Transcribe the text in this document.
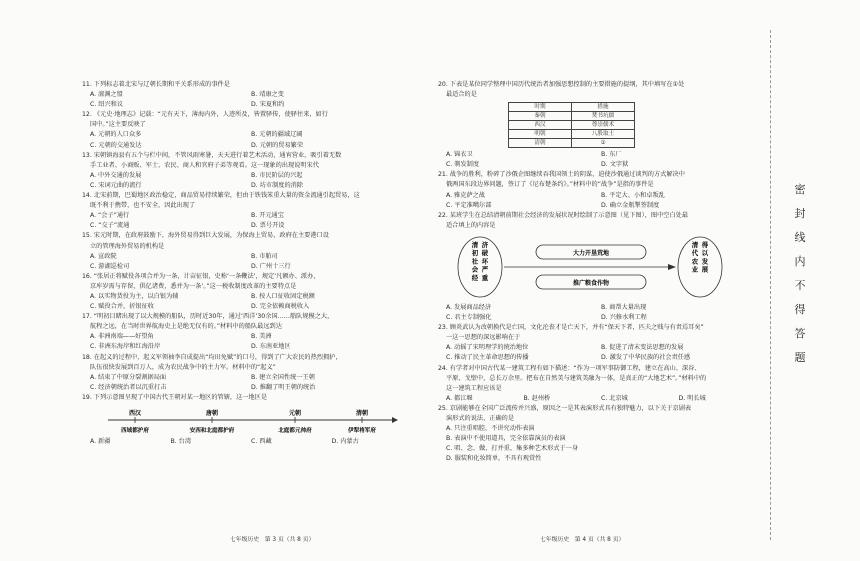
11. 下列标志着北宋与辽朝长期和平关系形成的事件是
A. 澶渊之盟	B. 靖康之变
C. 绍兴和议	D. 宋夏和约
12. 《元史·地理志》记载：“元有天下，薄海内外，人迹所及，皆置驿传，使驿往来，如行
国中。”这主要反映了
A. 元朝的人口众多	B. 元朝的疆域辽阔
C. 元朝的交通发达	D. 元朝的贸易繁荣
13. 宋朝镇海县有五个与栏中间，不管风雨寒暑，天天进行着艺术活动，通宵营业，吸引着无数
手工业者、小商贩、军士、农民、商人和官府子弟等观看。这一现象的出现说明宋代
A. 中外交通的发展	B. 市民阶层的兴起
C. 宋词元曲的流行	D. 坊市制度的消除
14. 北宋前期，巴蜀地区政治稳定，商品贸易持续繁荣，但由于铁钱笨重大量的资金流通引起贸易，这
既不利于携带，也不安全，因此出现了
A. “会子”通行	B. 开元通宝
C. “交子”流通	D. 票号开设
15. 宋元时期，在政府鼓励下，海外贸易得到巨大发展，为保海上贸易，政府在主要港口设
立的管理海外贸易的机构是
A. 宣政院	B. 市舶司
C. 游湖巡检司	D. 广州十三行
16. “张居正将赋役各项合并为一条，计亩征银，史称‘一条鞭法’，规定‘凡额办、派办、
京库岁需与存留，供亿诸费，悉并为一条’。”这一税收制度改革的主要特点是
A. 以实物货役为主，以白银为辅	B. 按人口征收固定税额
C. 赋役合并，折银征收	D. 完全依赖商税收入
17. “明初目睹出现了以大规模的船队，历时近30年，通过‘西洋’30余国……船队规模之大，
航程之远，在当时世界航海史上是绝无仅有的。”材料中的船队最远到达
A. 非洲南端——好望角	B. 美洲
C. 非洲东海岸和红海沿岸	D. 东南亚地区
18. 在起义的过程中，起义军领袖李自成提出“均田免赋”的口号，得到了广大农民的热烈拥护，
队伍很快发展到百万人，成为农民战争中的主力军。材料中的“起义”
A. 结束了中原分裂割据局面	B. 建立全国性统一王朝
C. 经济朝统治者以沉重打击	D. 推翻了明王朝的统治
19. 下列示意图呈现了中国古代王朝对某一地区的管辖，这一地区是
西汉
西域都护府
唐朝
安西和北庭都护府
元朝
北庭都元帅府
清朝
伊犁将军府
A. 新疆	B. 台湾	C. 西藏	D. 内蒙古
20. 下表是某位同学整理中国历代统治者加强思想控制的主要措施的提纲，其中填写在①处
最适合的是
时期	措施
秦朝	焚书坑儒
西汉	尊崇儒术
明朝	八股取士
清朝	①
A. 锦衣卫	B. 东厂
C. 剃发制度	D. 文字狱
21. 战争的胜利，粉碎了沙俄企图继续吞我国领土的阴谋，迫使沙俄通过谈判的方式解决中
俄两国东段边界问题，签订了《尼布楚条约》。”材料中的“战争”是指的事件是
A. 雅克萨之战	B. 平定大、小和卓叛乱
C. 平定准噶尔部	D. 确立金瓶掣签制度
22. 某班学生在总结清朝前期社会经济的发展状况时绘制了示意图（见下图），图中空白处最
适合填上的内容是
大力开垦荒地
推广粮食作物
清
初
社
会
经
济
破
坏
严
重
清
代
农
业
得
以
发
展
A. 发展商品经济	B. 商帮大量出现
C. 君主专制强化	D. 兴修水利工程
23. 顾炎武认为改朝换代是亡国，文化沦丧才是亡天下，并有“保天下者，匹夫之贱与有责焉耳矣”
一这一思想的深远影响在于
A. 动摇了宋明理学的统治地位	B. 促进了清末变法思想的发展
C. 推动了民主革命思想的传播	D. 激发了中华民族的社会责任感
24. 有学者对中国古代某一建筑工程有如下描述：“作为一项军事防御工程，建立在高山、深谷、
平原、戈壁中，总长万余里。把布在自然美与建筑美融为一体，是真正的“大地艺术”。”材料中的
这一建筑工程应该是
A. 都江堰	B. 赵州桥	C. 北京城	D. 明长城
25. 京剧能够在全国广泛流传并兴盛，原因之一是其表演形式具有独特魅力，以下关于京剧表
演形式的说法，正确的是
A. 只注重唱腔，不讲究动作表演
B. 表演中不使用道具，完全依靠演员的表演
C. 唱、念、做、打并重，集多种艺术形式于一身
D. 服装和化妆简单，不具有观赏性
七年级历史　第 3 页（共 8 页）	七年级历史　第 4 页（共 8 页）
密
封
线
内
不
得
答
题
